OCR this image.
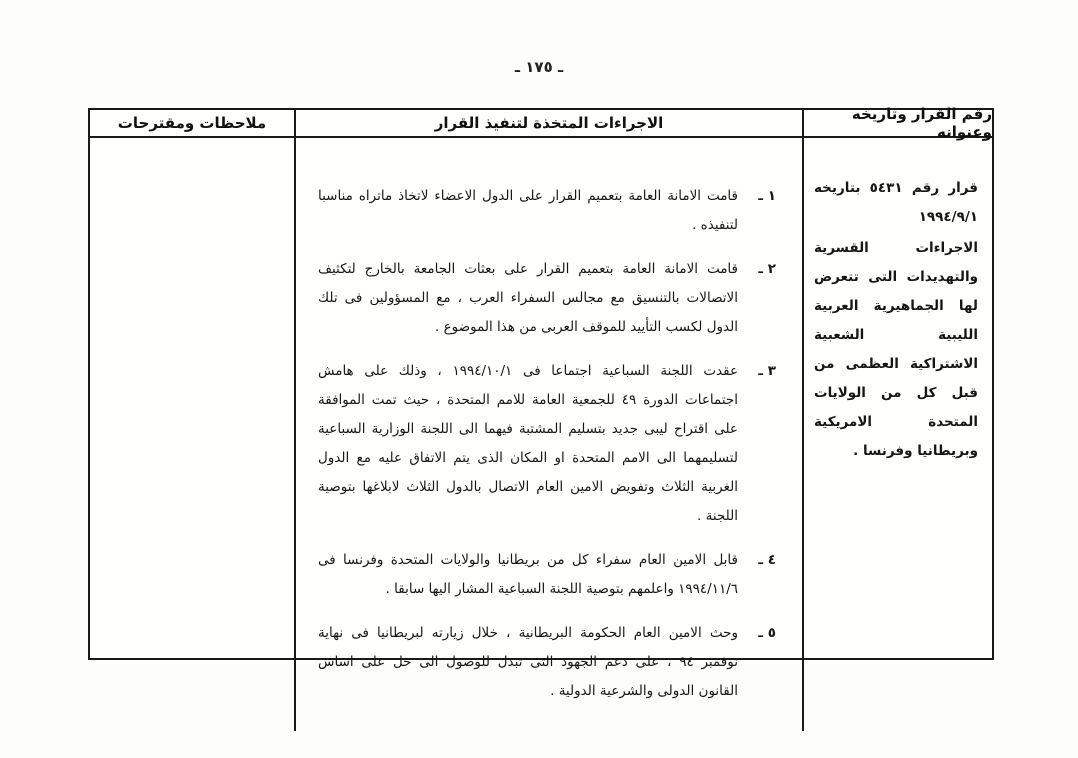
ـ ١٧٥ ـ
رقم القرار وتاريخه وعنوانه
الاجراءات المتخذة لتنفيذ القرار
ملاحظات ومقترحات

قرار رقم ٥٤٣١ بتاريخه ١٩٩٤/٩/١

الاجراءات القسرية والتهديدات التى تتعرض لها الجماهيرية العربية الليبية الشعبية الاشتراكية العظمى من قبل كل من الولايات المتحدة الامريكية وبريطانيا وفرنسا .

١ ـ
قامت الامانة العامة بتعميم القرار على الدول الاعضاء لاتخاذ ماتراه مناسبا لتنفيذه .
٢ ـ
قامت الامانة العامة بتعميم القرار على بعثات الجامعة بالخارج لتكثيف الاتصالات بالتنسيق مع مجالس السفراء العرب ، مع المسؤولين فى تلك الدول لكسب التأييد للموقف العربى من هذا الموضوع .
٣ ـ
عقدت اللجنة السباعية اجتماعا فى ١٩٩٤/١٠/١ ، وذلك على هامش اجتماعات الدورة ٤٩ للجمعية العامة للامم المتحدة ، حيث تمت الموافقة على اقتراح ليبى جديد بتسليم المشتبة فيهما الى اللجنة الوزارية السباعية لتسليمهما الى الامم المتحدة او المكان الذى يتم الاتفاق عليه مع الدول الغربية الثلاث وتفويض الامين العام الاتصال بالدول الثلاث لابلاغها بتوصية اللجنة .
٤ ـ
قابل الامين العام سفراء كل من بريطانيا والولايات المتحدة وفرنسا فى ١٩٩٤/١١/٦ واعلمهم بتوصية اللجنة السباعية المشار اليها سابقا .
٥ ـ
وحث الامين العام الحكومة البريطانية ، خلال زيارته لبريطانيا فى نهاية نوفمبر ٩٤ ، على دعم الجهود التى تبذل للوصول الى حل على اساس القانون الدولى والشرعية الدولية .
